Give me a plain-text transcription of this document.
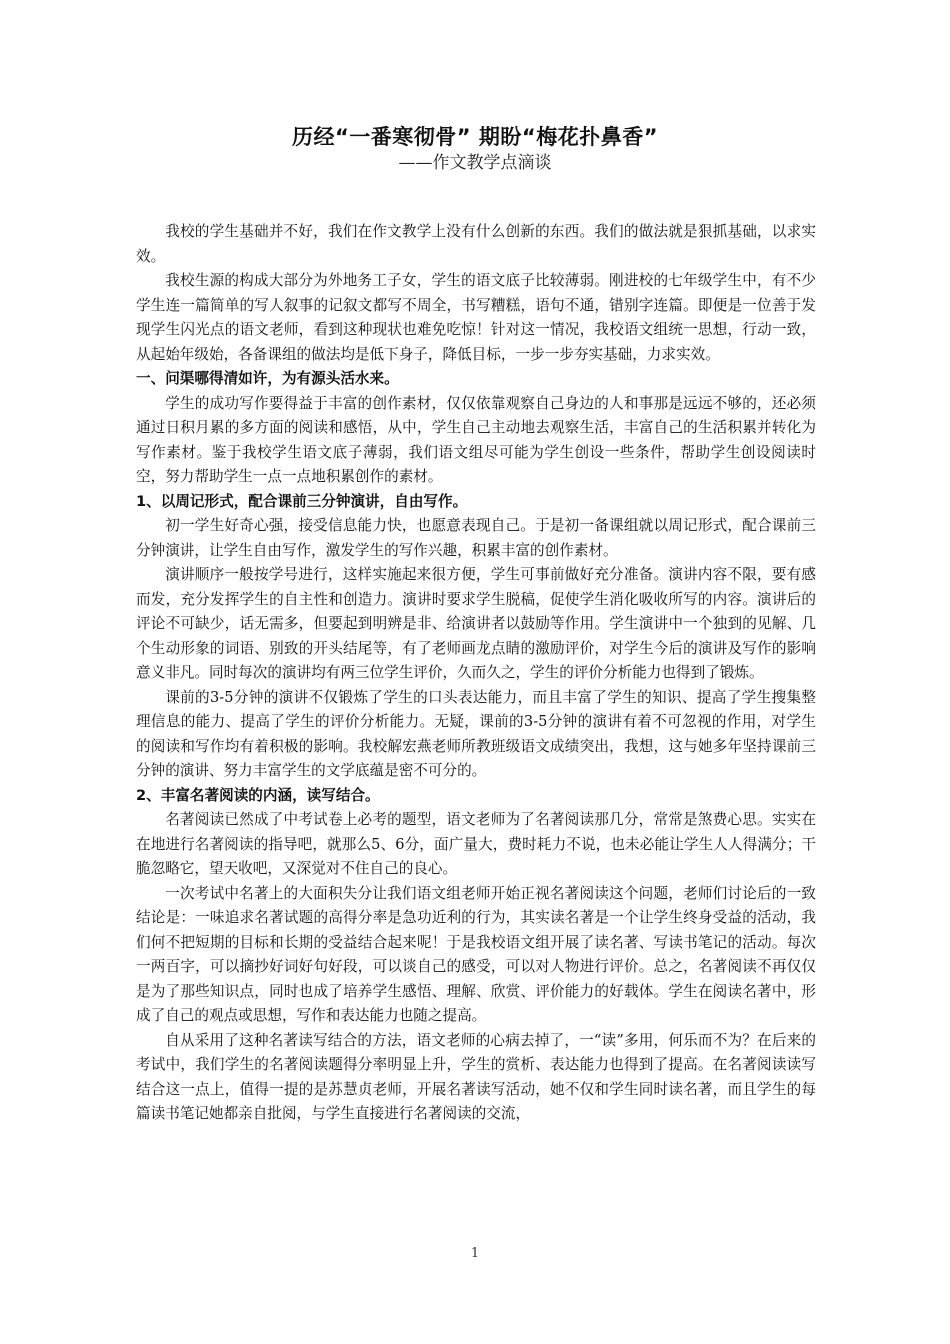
历经“一番寒彻骨” 期盼“梅花扑鼻香”
——作文教学点滴谈

我校的学生基础并不好，我们在作文教学上没有什么创新的东西。我们的做法就是狠抓基础，以求实效。

我校生源的构成大部分为外地务工子女，学生的语文底子比较薄弱。刚进校的七年级学生中，有不少学生连一篇简单的写人叙事的记叙文都写不周全，书写糟糕，语句不通，错别字连篇。即便是一位善于发现学生闪光点的语文老师，看到这种现状也难免吃惊！针对这一情况，我校语文组统一思想，行动一致，从起始年级始，各备课组的做法均是低下身子，降低目标，一步一步夯实基础，力求实效。

一、问渠哪得清如许，为有源头活水来。

学生的成功写作要得益于丰富的创作素材，仅仅依靠观察自己身边的人和事那是远远不够的，还必须通过日积月累的多方面的阅读和感悟，从中，学生自己主动地去观察生活，丰富自己的生活积累并转化为写作素材。鉴于我校学生语文底子薄弱，我们语文组尽可能为学生创设一些条件，帮助学生创设阅读时空，努力帮助学生一点一点地积累创作的素材。

1、以周记形式，配合课前三分钟演讲，自由写作。

初一学生好奇心强，接受信息能力快，也愿意表现自己。于是初一备课组就以周记形式，配合课前三分钟演讲，让学生自由写作，激发学生的写作兴趣，积累丰富的创作素材。

演讲顺序一般按学号进行，这样实施起来很方便，学生可事前做好充分准备。演讲内容不限，要有感而发，充分发挥学生的自主性和创造力。演讲时要求学生脱稿，促使学生消化吸收所写的内容。演讲后的评论不可缺少，话无需多，但要起到明辨是非、给演讲者以鼓励等作用。学生演讲中一个独到的见解、几个生动形象的词语、别致的开头结尾等，有了老师画龙点睛的激励评价，对学生今后的演讲及写作的影响意义非凡。同时每次的演讲均有两三位学生评价，久而久之，学生的评价分析能力也得到了锻炼。

课前的3-5分钟的演讲不仅锻炼了学生的口头表达能力，而且丰富了学生的知识、提高了学生搜集整理信息的能力、提高了学生的评价分析能力。无疑，课前的3-5分钟的演讲有着不可忽视的作用，对学生的阅读和写作均有着积极的影响。我校解宏燕老师所教班级语文成绩突出，我想，这与她多年坚持课前三分钟的演讲、努力丰富学生的文学底蕴是密不可分的。

2、丰富名著阅读的内涵，读写结合。

名著阅读已然成了中考试卷上必考的题型，语文老师为了名著阅读那几分，常常是煞费心思。实实在在地进行名著阅读的指导吧，就那么5、6分，面广量大，费时耗力不说，也未必能让学生人人得满分；干脆忽略它，望天收吧，又深觉对不住自己的良心。

一次考试中名著上的大面积失分让我们语文组老师开始正视名著阅读这个问题，老师们讨论后的一致结论是：一味追求名著试题的高得分率是急功近利的行为，其实读名著是一个让学生终身受益的活动，我们何不把短期的目标和长期的受益结合起来呢！于是我校语文组开展了读名著、写读书笔记的活动。每次一两百字，可以摘抄好词好句好段，可以谈自己的感受，可以对人物进行评价。总之，名著阅读不再仅仅是为了那些知识点，同时也成了培养学生感悟、理解、欣赏、评价能力的好载体。学生在阅读名著中，形成了自己的观点或思想，写作和表达能力也随之提高。

自从采用了这种名著读写结合的方法，语文老师的心病去掉了，一“读”多用，何乐而不为？在后来的考试中，我们学生的名著阅读题得分率明显上升，学生的赏析、表达能力也得到了提高。在名著阅读读写结合这一点上，值得一提的是苏慧贞老师，开展名著读写活动，她不仅和学生同时读名著，而且学生的每篇读书笔记她都亲自批阅，与学生直接进行名著阅读的交流，

1
